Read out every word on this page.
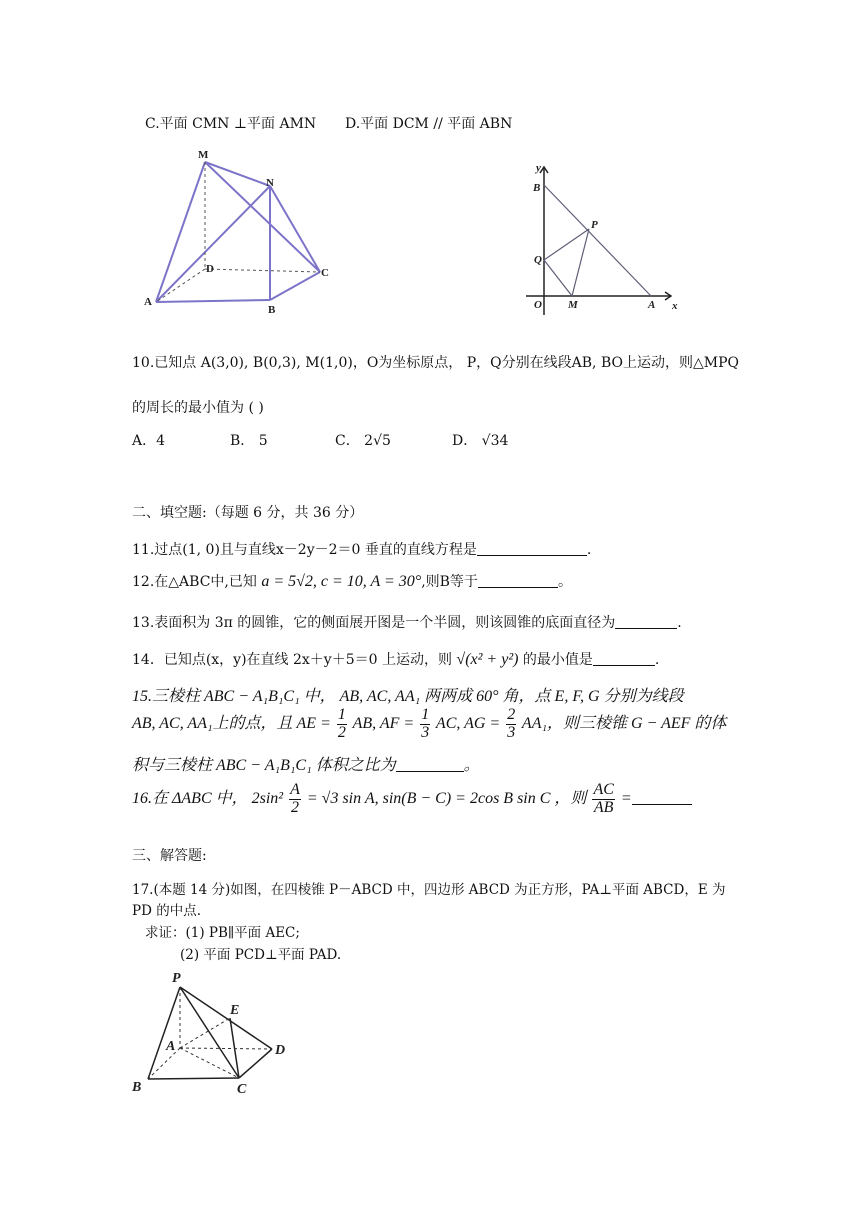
C.平面 CMN ⊥平面 AMN D.平面 DCM // 平面 ABN
M
N
D	C
A
B
y
B
P
Q
O M	A x
10.已知点 A(3,0), B(0,3), M(1,0)，O为坐标原点， P，Q分别在线段AB, BO上运动，则△MPQ
的周长的最小值为 ( )
A．4	B． 5	C． 2√5	D． √34
二、填空题:（每题 6 分，共 36 分）
11.过点(1, 0)且与直线x－2y－2＝0 垂直的直线方程是	.
12.在△ABC中,已知 a = 5√2, c = 10, A = 30°,则B等于	。
13.表面积为 3π 的圆锥，它的侧面展开图是一个半圆，则该圆锥的底面直径为	.
14．已知点(x，y)在直线 2x＋y＋5＝0 上运动，则 √(x² + y²) 的最小值是	.
15.三棱柱 ABC − A₁B₁C₁ 中， AB, AC, AA₁ 两两成 60° 角，点 E, F, G 分别为线段
AB, AC, AA₁上的点，且 AE = $\frac{1}{2}$ AB, AF = $\frac{1}{3}$ AC, AG = $\frac{2}{3} AA_1$，则三棱锥 G − AEF 的体
积与三棱柱 ABC − A₁B₁C₁ 体积之比为	。
16.在 ΔABC 中， $2\sin^2 \frac{A}{2} = √3$ sin A, sin(B − C) = 2cos B sin C ，则 $\frac{AC}{AB}$ =
三、解答题:
17.(本题 14 分)如图，在四棱锥 P－ABCD 中，四边形 ABCD 为正方形，PA⊥平面 ABCD，E 为
PD 的中点.
求证：(1) PB∥平面 AEC;
(2) 平面 PCD⊥平面 PAD.
P
E
A	D
B	C
